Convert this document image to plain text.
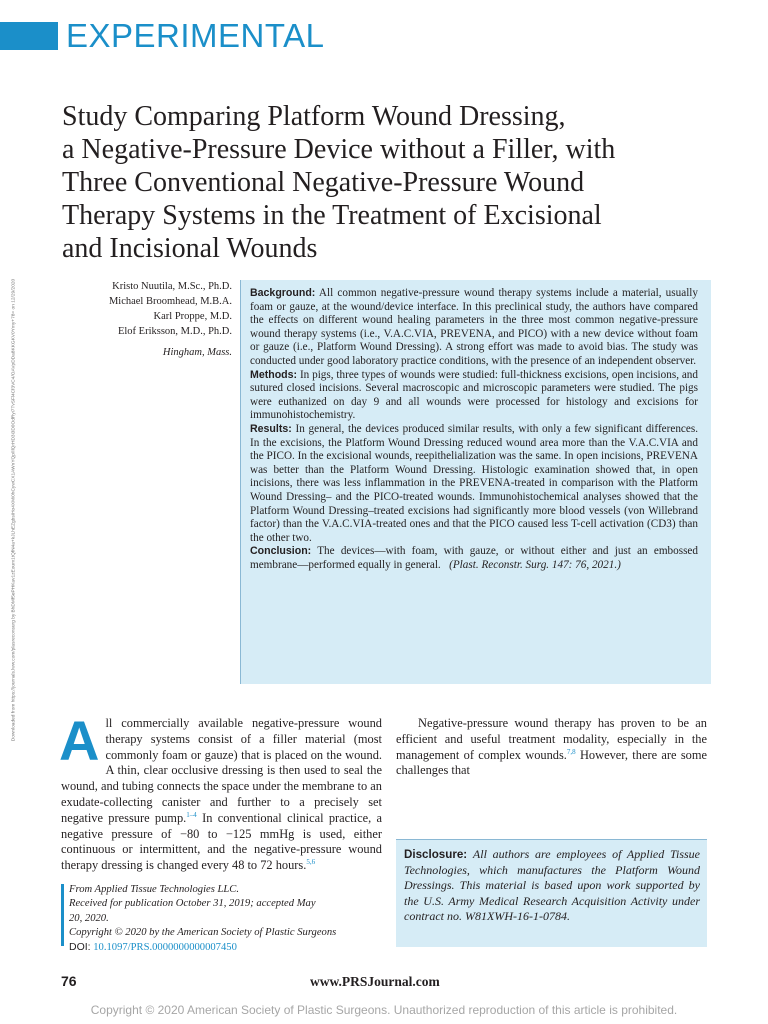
EXPERIMENTAL
Study Comparing Platform Wound Dressing,
a Negative-Pressure Device without a Filler, with
Three Conventional Negative-Pressure Wound
Therapy Systems in the Treatment of Excisional
and Incisional Wounds
Kristo Nuutila, M.Sc., Ph.D.
Michael Broomhead, M.B.A.
Karl Proppe, M.D.
Elof Eriksson, M.D., Ph.D.
Hingham, Mass.
Downloaded from https://journals.lww.com/plasreconsurg by BhDMf5ePHKav1zEoum1tQfN4a+kJLhEZgbsIHo4XMi0hCywCX1AWnYQp/IlQrHD3i3D0OdRyi7TvSFl4Cf3VC4/OAVpDDa8KKGKV0Ymy+78= on 12/29/2020	Background: All common negative-pressure wound therapy systems include a material, usually foam or gauze, at the wound/device interface. In this preclinical study, the authors have compared the effects on different wound healing parameters in the three most common negative-pressure wound therapy systems (i.e., V.A.C.VIA, PREVENA, and PICO) with a new device without foam or gauze (i.e., Platform Wound Dressing). A strong effort was made to avoid bias. The study was conducted under good laboratory practice conditions, with the presence of an independent observer.

Methods: In pigs, three types of wounds were studied: full-thickness excisions, open incisions, and sutured closed incisions. Several macroscopic and microscopic parameters were studied. The pigs were euthanized on day 9 and all wounds were processed for histology and excisions for immunohistochemistry.

Results: In general, the devices produced similar results, with only a few significant differences. In the excisions, the Platform Wound Dressing reduced wound area more than the V.A.C.VIA and the PICO. In the excisional wounds, reepithelialization was the same. In open incisions, PREVENA was better than the Platform Wound Dressing. Histologic examination showed that, in open incisions, there was less inflammation in the PREVENA-treated in comparison with the Platform Wound Dressing– and the PICO-treated wounds. Immunohistochemical analyses showed that the Platform Wound Dressing–treated excisions had significantly more blood vessels (von Willebrand factor) than the V.A.C.VIA-treated ones and that the PICO caused less T-cell activation (CD3) than the other two.

Conclusion: The devices—with foam, with gauze, or without either and just an embossed membrane—performed equally in general. (Plast. Reconstr. Surg. 147: 76, 2021.)

All commercially available negative-pressure wound therapy systems consist of a filler material (most commonly foam or gauze) that is placed on the wound. A thin, clear occlusive dressing is then used to seal the wound, and tubing connects the space under the membrane to an exudate-collecting canister and further to a precisely set negative pressure pump.$^{1-4}$ In conventional clinical practice, a negative pressure of −80 to −125 mmHg is used, either continuous or intermittent, and the negative-pressure wound therapy dressing is changed every 48 to 72 hours.$^{5,6}$

Negative-pressure wound therapy has proven to be an efficient and useful treatment modality, especially in the management of complex wounds.$^{7,8}$ However, there are some challenges that

Disclosure: All authors are employees of Applied Tissue Technologies, which manufactures the Platform Wound Dressings. This material is based upon work supported by the U.S. Army Medical Research Acquisition Activity under contract no. W81XWH-16-1-0784.
From Applied Tissue Technologies LLC.
Received for publication October 31, 2019; accepted May
20, 2020.
Copyright © 2020 by the American Society of Plastic Surgeons
DOI: 10.1097/PRS.0000000000007450
76	www.PRSJournal.com
Copyright © 2020 American Society of Plastic Surgeons. Unauthorized reproduction of this article is prohibited.
